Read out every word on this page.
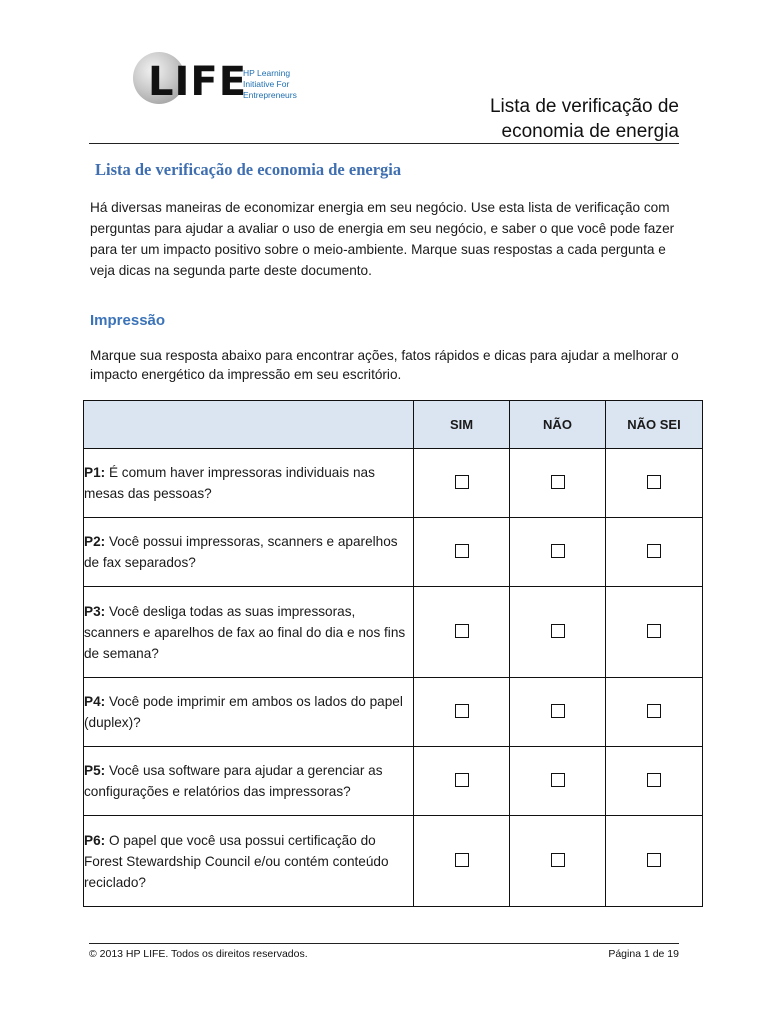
LIFE
HP Learning
Initiative For
Entrepreneurs
Lista de verificação de
economia de energia
Lista de verificação de economia de energia
Há diversas maneiras de economizar energia em seu negócio. Use esta lista de verificação com perguntas para ajudar a avaliar o uso de energia em seu negócio, e saber o que você pode fazer para ter um impacto positivo sobre o meio-ambiente. Marque suas respostas a cada pergunta e veja dicas na segunda parte deste documento.
Impressão
Marque sua resposta abaixo para encontrar ações, fatos rápidos e dicas para ajudar a melhorar o impacto energético da impressão em seu escritório.
	SIM	NÃO	NÃO SEI
P1: É comum haver impressoras individuais nas mesas das pessoas?			
P2: Você possui impressoras, scanners e aparelhos de fax separados?			
P3: Você desliga todas as suas impressoras, scanners e aparelhos de fax ao final do dia e nos fins de semana?			
P4: Você pode imprimir em ambos os lados do papel (duplex)?			
P5: Você usa software para ajudar a gerenciar as configurações e relatórios das impressoras?			
P6: O papel que você usa possui certificação do Forest Stewardship Council e/ou contém conteúdo reciclado?			
© 2013 HP LIFE. Todos os direitos reservados.	Página 1 de 19
